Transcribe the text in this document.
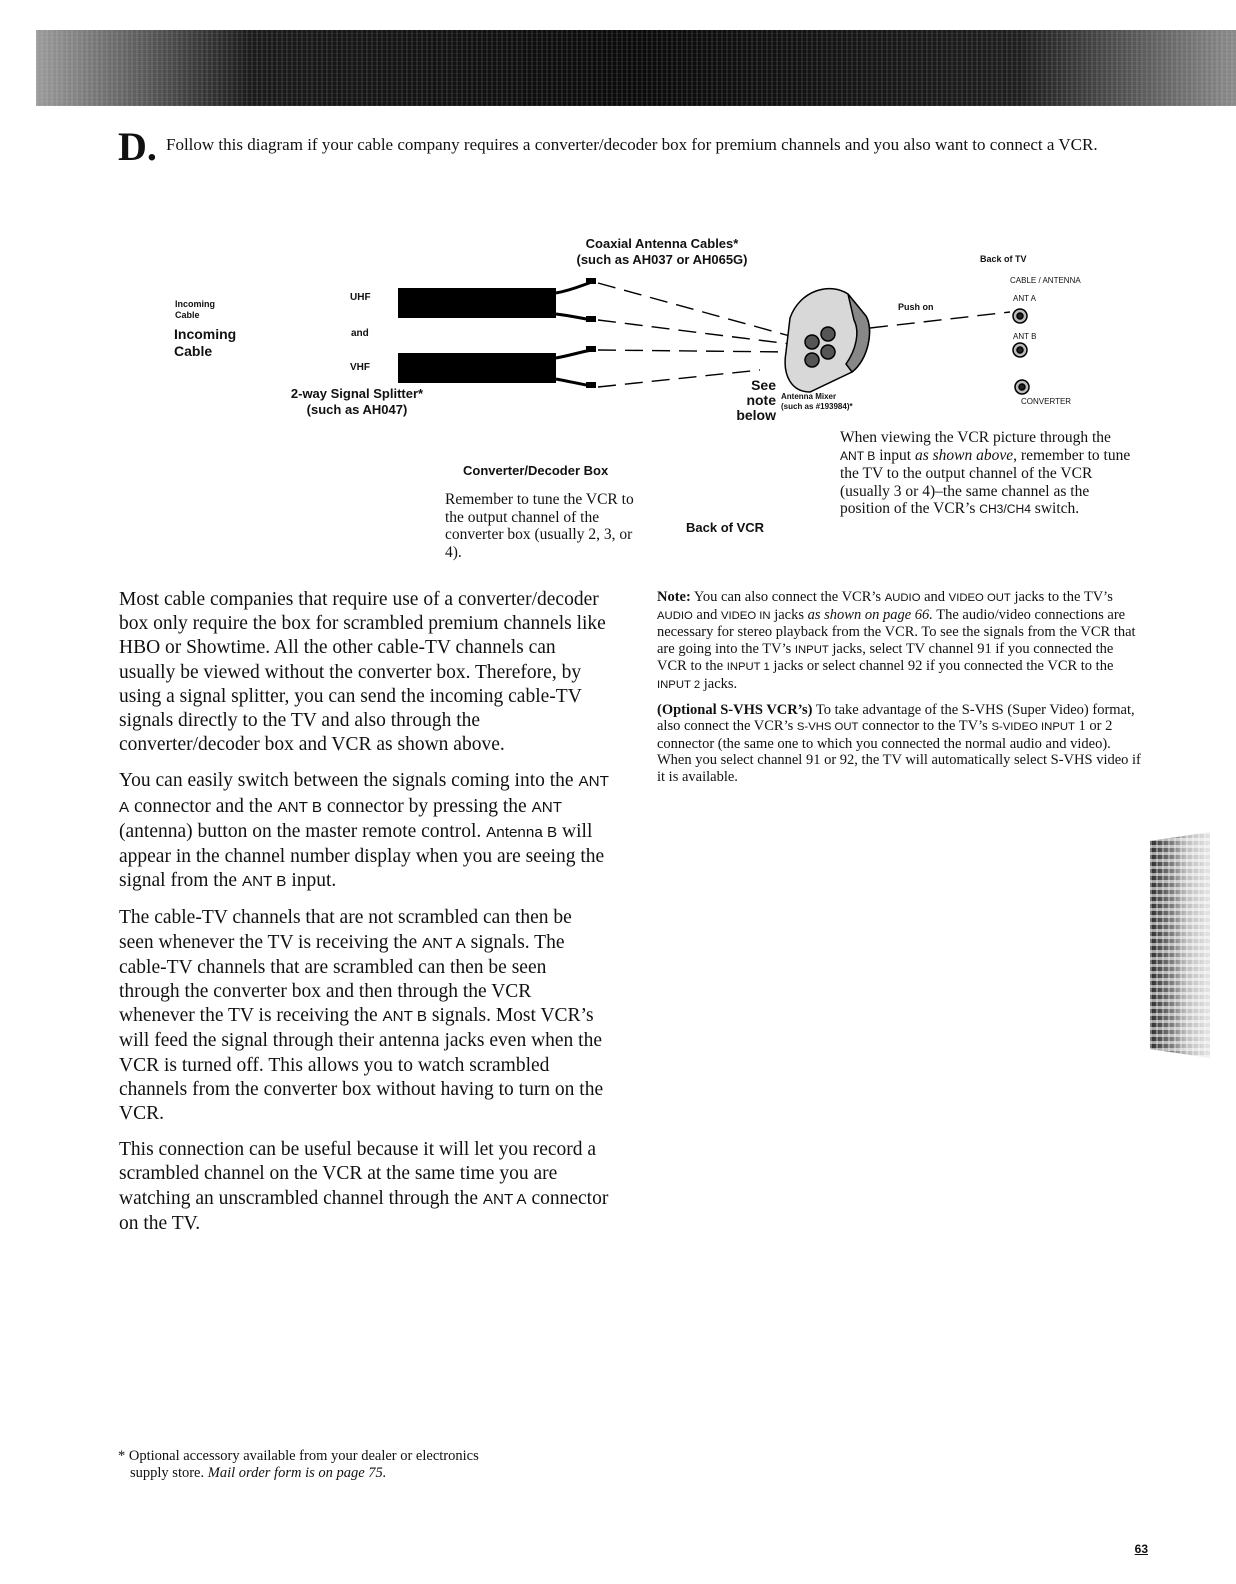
D. Follow this diagram if your cable company requires a converter/decoder box for premium channels and you also want to connect a VCR.

Incoming
Cable
Incoming
Cable
UHF
and
VHF
2-way Signal Splitter*
(such as AH047)
Coaxial Antenna Cables*
(such as AH037 or AH065G)
See note
below
Antenna Mixer
(such as #193984)*
Push on
Back of TV
CABLE / ANTENNA
ANT A
ANT B
CONVERTER
Converter/Decoder Box

Remember to tune the VCR to the output channel of the converter box (usually 2, 3, or 4).

Back of VCR

When viewing the VCR picture through the ANT B input as shown above, remember to tune the TV to the output channel of the VCR (usually 3 or 4)–the same channel as the position of the VCR’s CH3/CH4 switch.

Most cable companies that require use of a converter/decoder box only require the box for scrambled premium channels like HBO or Showtime. All the other cable-TV channels can usually be viewed without the converter box. Therefore, by using a signal splitter, you can send the incoming cable-TV signals directly to the TV and also through the converter/decoder box and VCR as shown above.

You can easily switch between the signals coming into the ANT A connector and the ANT B connector by pressing the ANT (antenna) button on the master remote control. Antenna B will appear in the channel number display when you are seeing the signal from the ANT B input.

The cable-TV channels that are not scrambled can then be seen whenever the TV is receiving the ANT A signals. The cable-TV channels that are scrambled can then be seen through the converter box and then through the VCR whenever the TV is receiving the ANT B signals. Most VCR’s will feed the signal through their antenna jacks even when the VCR is turned off. This allows you to watch scrambled channels from the converter box without having to turn on the VCR.

This connection can be useful because it will let you record a scrambled channel on the VCR at the same time you are watching an unscrambled channel through the ANT A connector on the TV.

Note: You can also connect the VCR’s AUDIO and VIDEO OUT jacks to the TV’s AUDIO and VIDEO IN jacks as shown on page 66. The audio/video connections are necessary for stereo playback from the VCR. To see the signals from the VCR that are going into the TV’s INPUT jacks, select TV channel 91 if you connected the VCR to the INPUT 1 jacks or select channel 92 if you connected the VCR to the INPUT 2 jacks.

(Optional S-VHS VCR’s) To take advantage of the S-VHS (Super Video) format, also connect the VCR’s S-VHS OUT connector to the TV’s S-VIDEO INPUT 1 or 2 connector (the same one to which you connected the normal audio and video). When you select channel 91 or 92, the TV will automatically select S-VHS video if it is available.

* Optional accessory available from your dealer or electronics
supply store. Mail order form is on page 75.

63
